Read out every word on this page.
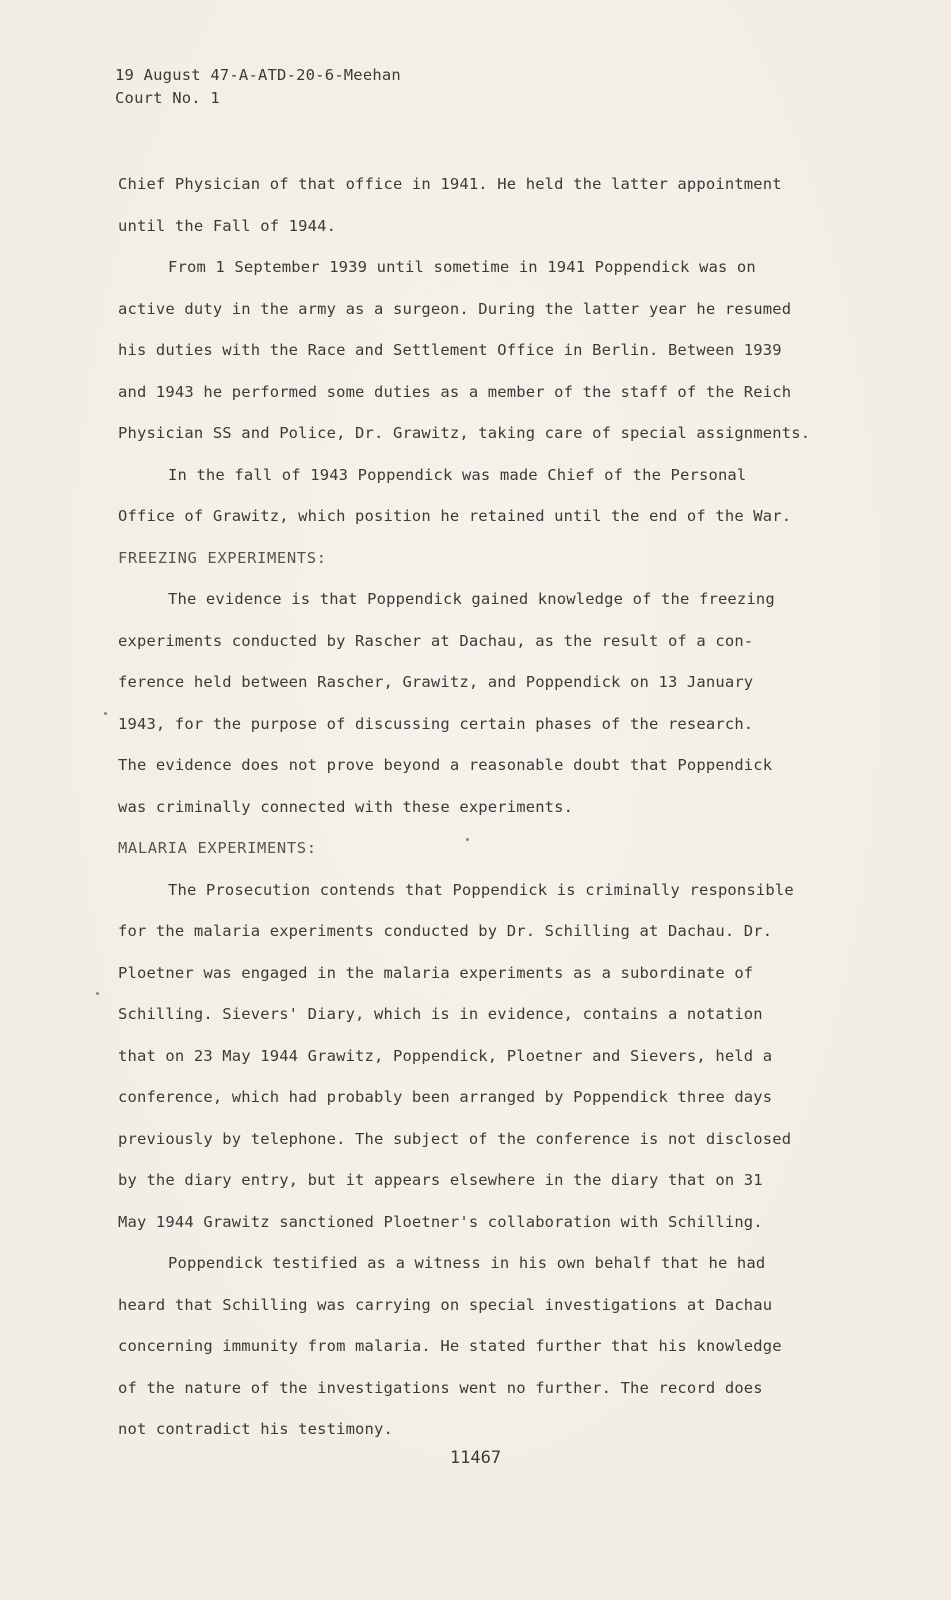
19 August 47-A-ATD-20-6-Meehan
Court No. 1
Chief Physician of that office in 1941. He held the latter appointment
until the Fall of 1944.
From 1 September 1939 until sometime in 1941 Poppendick was on
active duty in the army as a surgeon. During the latter year he resumed
his duties with the Race and Settlement Office in Berlin. Between 1939
and 1943 he performed some duties as a member of the staff of the Reich
Physician SS and Police, Dr. Grawitz, taking care of special assignments.
In the fall of 1943 Poppendick was made Chief of the Personal
Office of Grawitz, which position he retained until the end of the War.
FREEZING EXPERIMENTS:
The evidence is that Poppendick gained knowledge of the freezing
experiments conducted by Rascher at Dachau, as the result of a con-
ference held between Rascher, Grawitz, and Poppendick on 13 January
1943, for the purpose of discussing certain phases of the research.
The evidence does not prove beyond a reasonable doubt that Poppendick
was criminally connected with these experiments.
MALARIA EXPERIMENTS:
The Prosecution contends that Poppendick is criminally responsible
for the malaria experiments conducted by Dr. Schilling at Dachau. Dr.
Ploetner was engaged in the malaria experiments as a subordinate of
Schilling. Sievers' Diary, which is in evidence, contains a notation
that on 23 May 1944 Grawitz, Poppendick, Ploetner and Sievers, held a
conference, which had probably been arranged by Poppendick three days
previously by telephone. The subject of the conference is not disclosed
by the diary entry, but it appears elsewhere in the diary that on 31
May 1944 Grawitz sanctioned Ploetner's collaboration with Schilling.
Poppendick testified as a witness in his own behalf that he had
heard that Schilling was carrying on special investigations at Dachau
concerning immunity from malaria. He stated further that his knowledge
of the nature of the investigations went no further. The record does
not contradict his testimony.
11467
